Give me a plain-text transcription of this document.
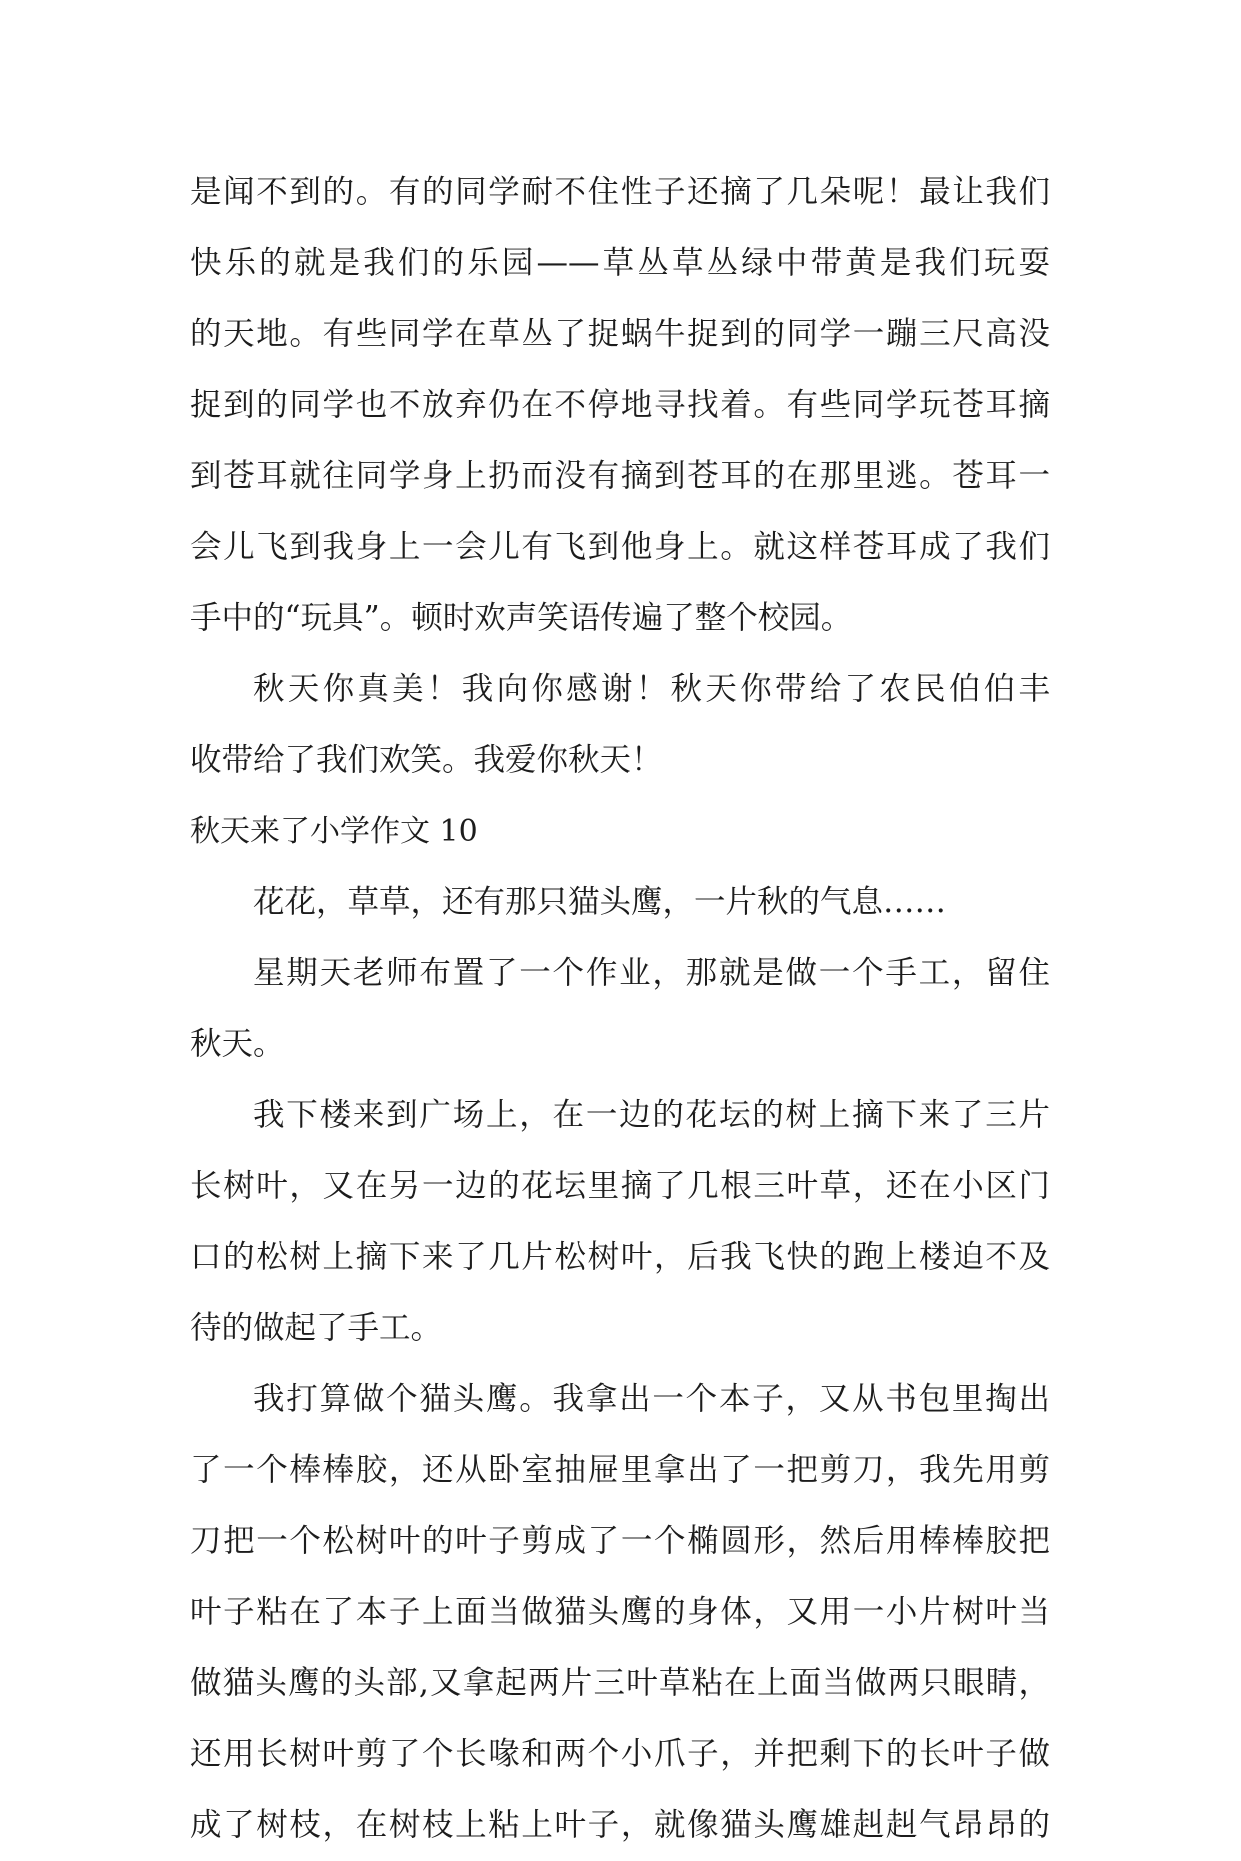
是闻不到的。有的同学耐不住性子还摘了几朵呢！最让我们
快乐的就是我们的乐园——草丛草丛绿中带黄是我们玩耍
的天地。有些同学在草丛了捉蜗牛捉到的同学一蹦三尺高没
捉到的同学也不放弃仍在不停地寻找着。有些同学玩苍耳摘
到苍耳就往同学身上扔而没有摘到苍耳的在那里逃。苍耳一
会儿飞到我身上一会儿有飞到他身上。就这样苍耳成了我们
手中的“玩具”。顿时欢声笑语传遍了整个校园。
秋天你真美！我向你感谢！秋天你带给了农民伯伯丰
收带给了我们欢笑。我爱你秋天！
秋天来了小学作文 10
花花，草草，还有那只猫头鹰，一片秋的气息……
星期天老师布置了一个作业，那就是做一个手工，留住
秋天。
我下楼来到广场上，在一边的花坛的树上摘下来了三片
长树叶，又在另一边的花坛里摘了几根三叶草，还在小区门
口的松树上摘下来了几片松树叶，后我飞快的跑上楼迫不及
待的做起了手工。
我打算做个猫头鹰。我拿出一个本子，又从书包里掏出
了一个棒棒胶，还从卧室抽屉里拿出了一把剪刀，我先用剪
刀把一个松树叶的叶子剪成了一个椭圆形，然后用棒棒胶把
叶子粘在了本子上面当做猫头鹰的身体，又用一小片树叶当
做猫头鹰的头部,又拿起两片三叶草粘在上面当做两只眼睛，
还用长树叶剪了个长喙和两个小爪子，并把剩下的长叶子做
成了树枝，在树枝上粘上叶子，就像猫头鹰雄赳赳气昂昂的
